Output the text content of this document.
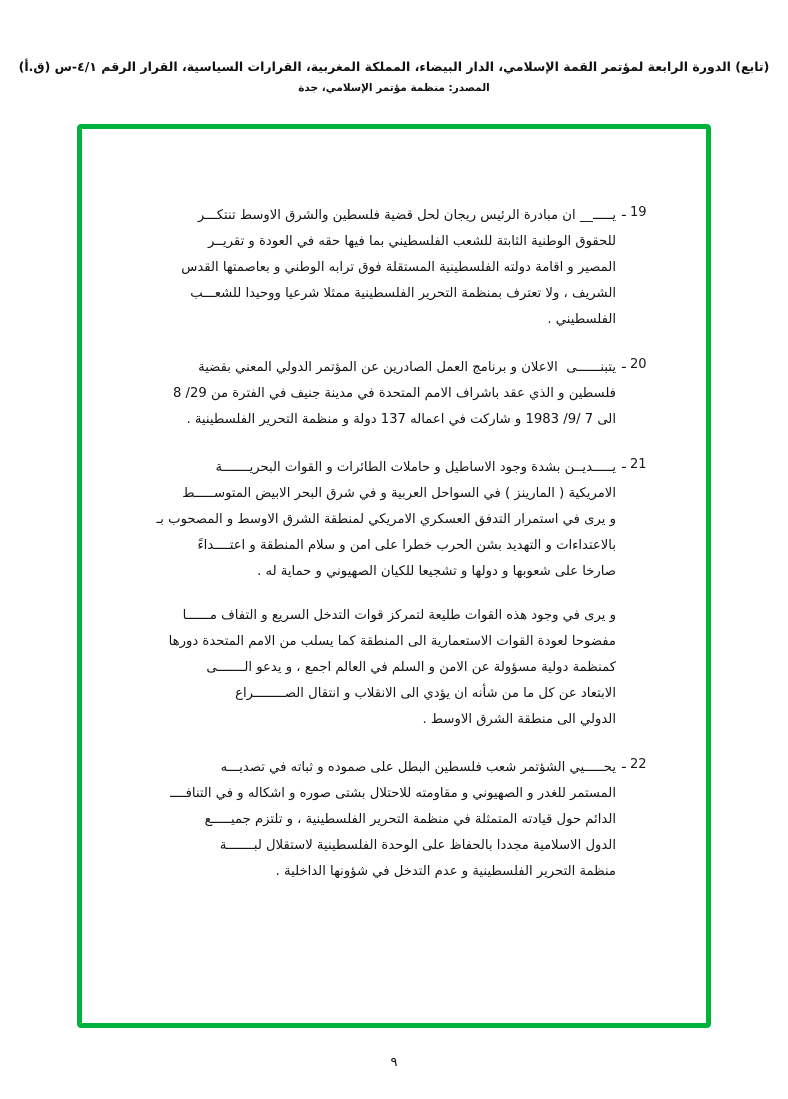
(تابع) الدورة الرابعة لمؤتمر القمة الإسلامي، الدار البيضاء، المملكة المغربية، القرارات السياسية، القرار الرقم ٤/١-س (ق.أ)
المصدر: منظمة مؤتمر الإسلامي، جدة
19 ـ
يـــــ__ ان مبادرة الرئيس ريجان لحل قضية فلسطين والشرق الاوسط تنتكـــر
للحقوق الوطنية الثابتة للشعب الفلسطيني بما فيها حقه في العودة و تقريــر
المصير و اقامة دولته الفلسطينية المستقلة فوق ترابه الوطني و بعاصمتها القدس
الشريف ، ولا تعترف بمنظمة التحرير الفلسطينية ممثلا شرعيا ووحيدا للشعـــب
الفلسطيني .
20 ـ
يتبنــــــى  الاعلان و برنامج العمل الصادرين عن المؤتمر الدولي المعني بقضية
فلسطين و الذي عقد باشراف الامم المتحدة في مدينة جنيف في الفترة من 29/ 8
الى 7 /9/ 1983 و شاركت في اعماله 137 دولة و منظمة التحرير الفلسطينية .
21 ـ
يـــــديــن بشدة وجود الاساطيل و حاملات الطائرات و القوات البحريـــــــة
الامريكية ( المارينز ) في السواحل العربية و في شرق البحر الابيض المتوســـــط
و يرى في استمرار التدفق العسكري الامريكي لمنطقة الشرق الاوسط و المصحوب بـ
بالاعتداءات و التهديد بشن الحرب خطرا على امن و سلام المنطقة و اعتــــداءً
صارخا على شعوبها و دولها و تشجيعا للكيان الصهيوني و حماية له .
و يرى في وجود هذه القوات طليعة لتمركز قوات التدخل السريع و التفاف مــــــا
مفضوحا لعودة القوات الاستعمارية الى المنطقة كما يسلب من الامم المتحدة دورها
كمنظمة دولية مسؤولة عن الامن و السلم في العالم اجمع ، و يدعو الـــــــى
الابتعاد عن كل ما من شأنه ان يؤدي الى الانقلاب و انتقال الصــــــــراع
الدولي الى منطقة الشرق الاوسط .
22 ـ
يحـــــيي الشؤتمر شعب فلسطين البطل على صموده و ثباته في تصديـــه
المستمر للغدر و الصهيوني و مقاومته للاحتلال بشتى صوره و اشكاله و في التنافــــ
الدائم حول قيادته المتمثلة في منظمة التحرير الفلسطينية ، و تلتزم جميـــــع
الدول الاسلامية مجددا بالحفاظ على الوحدة الفلسطينية لاستقلال لبـــــــة
منظمة التحرير الفلسطينية و عدم التدخل في شؤونها الداخلية .
٩
